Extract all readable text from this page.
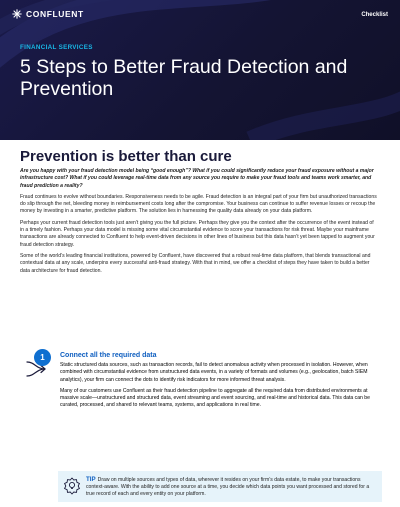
CONFLUENT	Checklist
FINANCIAL SERVICES
5 Steps to Better Fraud Detection and Prevention
Prevention is better than cure

Are you happy with your fraud detection model being “good enough”? What if you could significantly reduce your fraud exposure without a major infrastructure cost? What if you could leverage real-time data from any source you require to make your fraud tools and teams work smarter, and fraud prediction a reality?

Fraud continues to evolve without boundaries. Responsiveness needs to be agile. Fraud detection is an integral part of your firm but unauthorized transactions do slip through the net, bleeding money in reimbursement costs long after the compromise. Your business can continue to suffer revenue losses or recoup the money by investing in a smarter, predictive platform. The solution lies in harnessing the quality data already on your data platform.

Perhaps your current fraud detection tools just aren’t giving you the full picture. Perhaps they give you the context after the occurrence of the event instead of in a timely fashion. Perhaps your data model is missing some vital circumstantial evidence to score your transactions for risk threat. Maybe your mainframe transactions are already connected to Confluent to help event-driven decisions in other lines of business but this data hasn’t yet been tapped to augment your fraud detection strategy.

Some of the world’s leading financial institutions, powered by Confluent, have discovered that a robust real-time data platform, that blends transactional and contextual data at any scale, underpins every successful anti-fraud strategy. With that in mind, we offer a checklist of steps they have taken to build a better data architecture for fraud detection.

1	Connect all the required data

Static structured data sources, such as transaction records, fail to detect anomalous activity when processed in isolation. However, when combined with circumstantial evidence from unstructured data events, in a variety of formats and volumes (e.g., geolocation, batch SIEM analytics), your firm can connect the dots to identify risk indicators for more informed threat analysis.

Many of our customers use Confluent as their fraud detection pipeline to aggregate all the required data from distributed environments at massive scale—unstructured and structured data, event streaming and event sourcing, and real-time and historical data. This data can be curated, processed, and shared to relevant teams, systems, and applications in real time.

TIP Draw on multiple sources and types of data, wherever it resides on your firm’s data estate, to make your transactions context-aware. With the ability to add one source at a time, you decide which data points you want processed and stored for a true record of each and every entity on your platform.
